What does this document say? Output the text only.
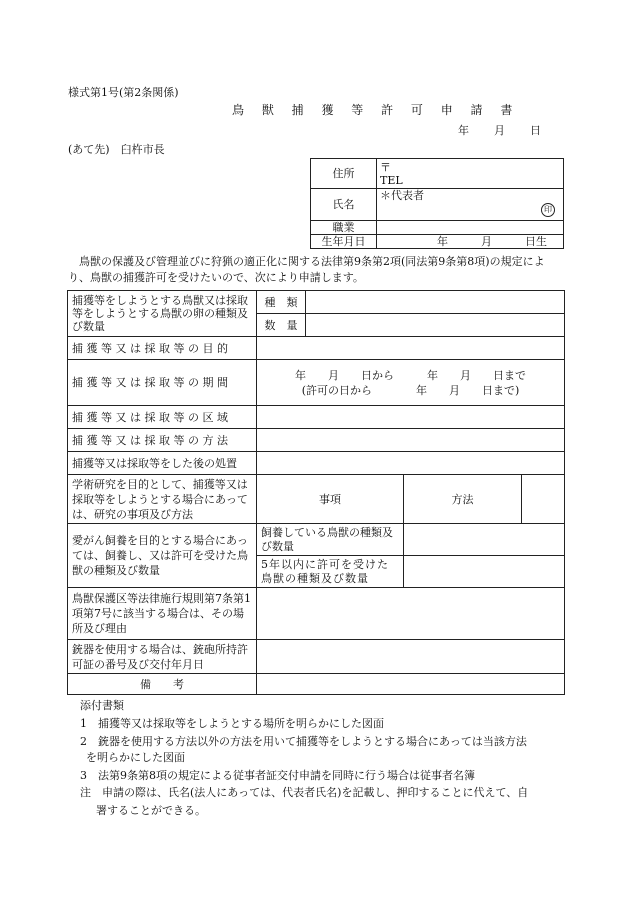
様式第1号(第2条関係)
鳥 獣 捕 獲 等 許 可 申 請 書
年　　月　　日
(あて先)　臼杵市長
住所	〒
TEL

氏名	＊代表者
印

職業	
生年月日	年　　　月　　　日生
鳥獣の保護及び管理並びに狩猟の適正化に関する法律第9条第2項(同法第9条第8項)の規定により、鳥獣の捕獲許可を受けたいので、次により申請します。
捕獲等をしようとする鳥獣又は採取等をしようとする鳥獣の卵の種類及び数量	種　類			
	数　量			
捕 獲 等 又 は 採 取 等 の 目 的				
捕 獲 等 又 は 採 取 等 の 期 間	年　　月　　日から　　　年　　月　　日まで
(許可の日から　　　　年　　月　　日まで)			

捕 獲 等 又 は 採 取 等 の 区 域				
捕 獲 等 又 は 採 取 等 の 方 法				
捕獲等又は採取等をした後の処置				
学術研究を目的として、捕獲等又は採取等をしようとする場合にあっては、研究の事項及び方法	事項		方法	
愛がん飼養を目的とする場合にあっては、飼養し、又は許可を受けた鳥獣の種類及び数量	飼養している鳥獣の種類及び数量			
	5年以内に許可を受けた鳥獣の種類及び数量			
鳥獣保護区等法律施行規則第7条第1項第7号に該当する場合は、その場所及び理由				
銃器を使用する場合は、銃砲所持許可証の番号及び交付年月日				
備　　考				
添付書類
1　捕獲等又は採取等をしようとする場所を明らかにした図面
2　銃器を使用する方法以外の方法を用いて捕獲等をしようとする場合にあっては当該方法
を明らかにした図面
3　法第9条第8項の規定による従事者証交付申請を同時に行う場合は従事者名簿
注　申請の際は、氏名(法人にあっては、代表者氏名)を記載し、押印することに代えて、自
署することができる。
